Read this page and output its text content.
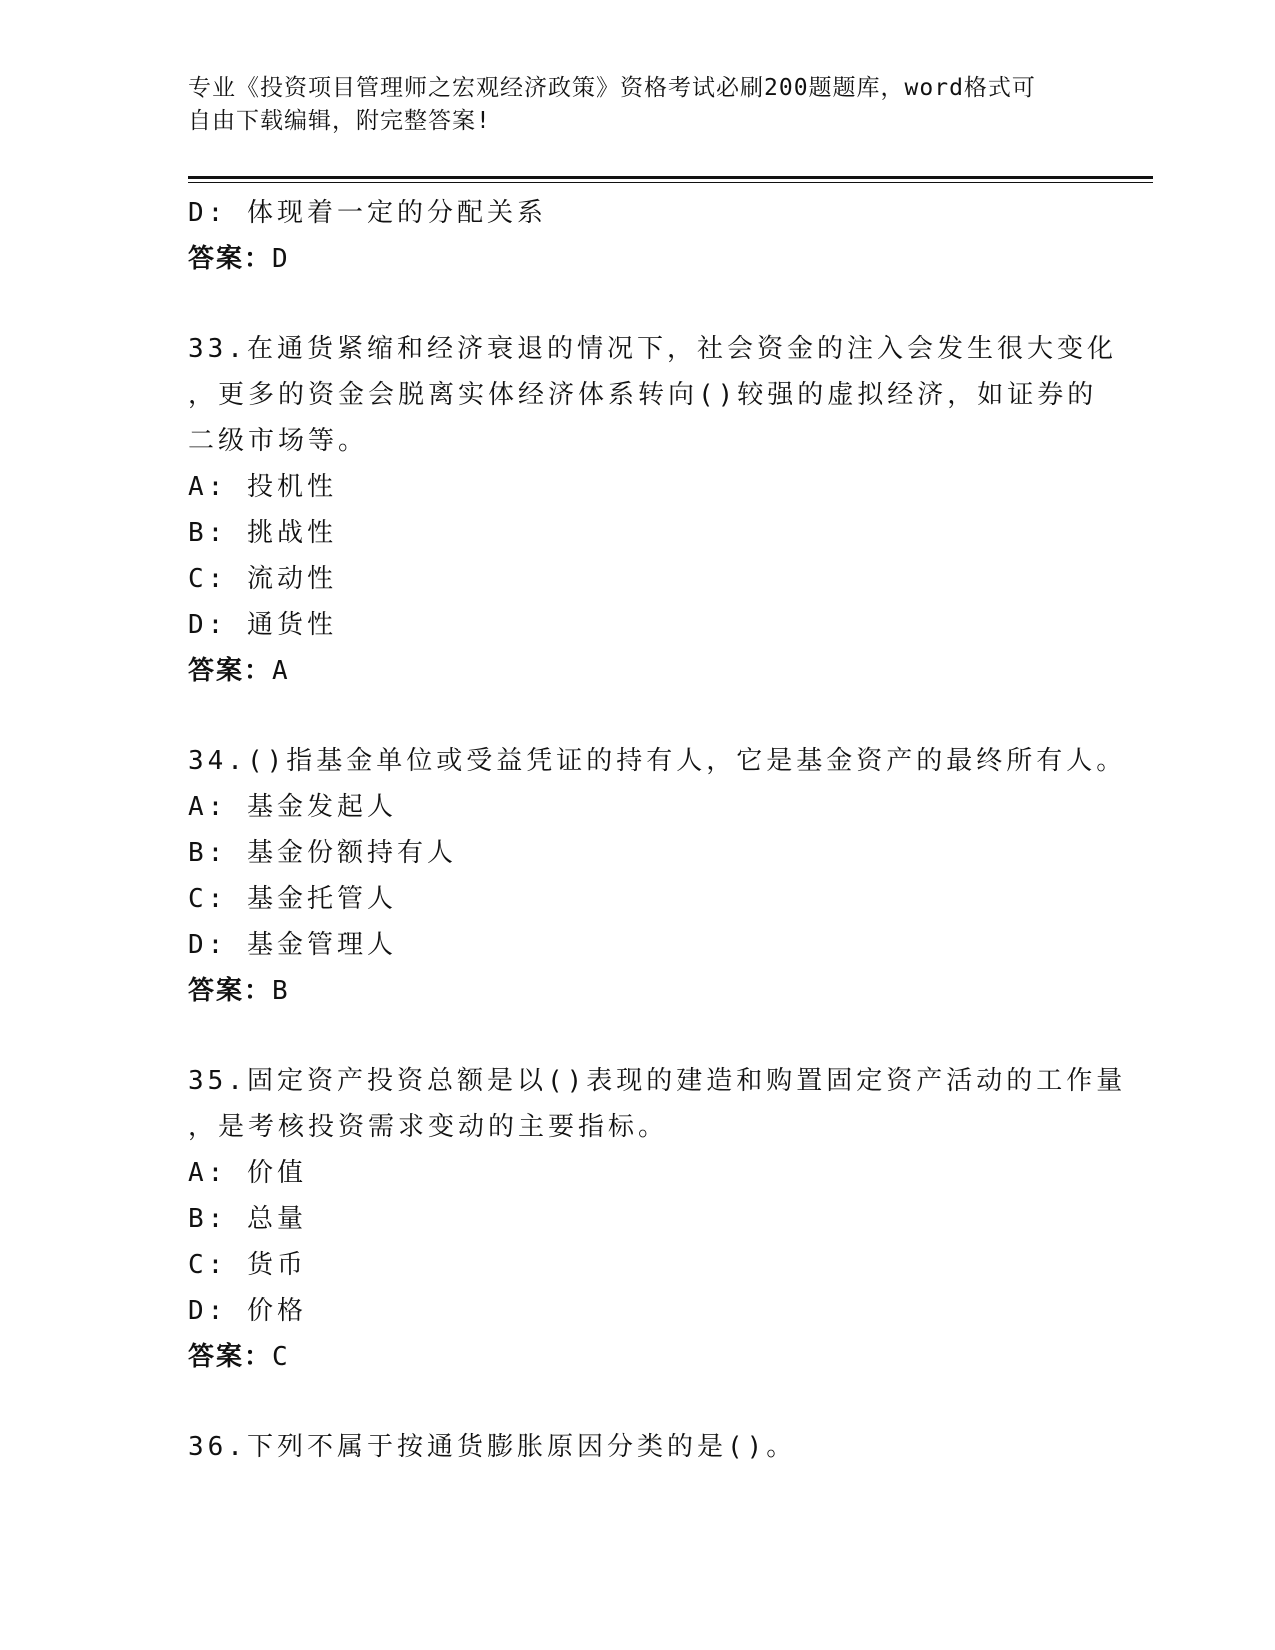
专业《投资项目管理师之宏观经济政策》资格考试必刷200题题库，word格式可
自由下载编辑，附完整答案!
D: 体现着一定的分配关系
答案：D
33.在通货紧缩和经济衰退的情况下，社会资金的注入会发生很大变化
，更多的资金会脱离实体经济体系转向()较强的虚拟经济，如证券的
二级市场等。
A: 投机性
B: 挑战性
C: 流动性
D: 通货性
答案：A
34.()指基金单位或受益凭证的持有人，它是基金资产的最终所有人。
A: 基金发起人
B: 基金份额持有人
C: 基金托管人
D: 基金管理人
答案：B
35.固定资产投资总额是以()表现的建造和购置固定资产活动的工作量
，是考核投资需求变动的主要指标。
A: 价值
B: 总量
C: 货币
D: 价格
答案：C
36.下列不属于按通货膨胀原因分类的是()。
